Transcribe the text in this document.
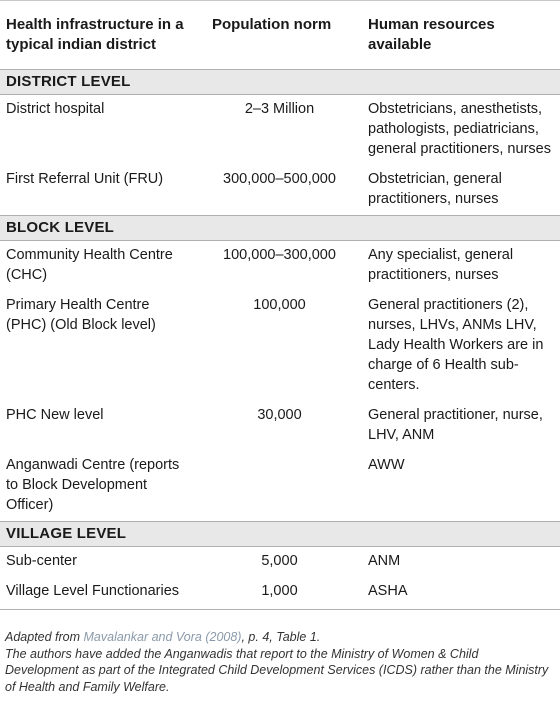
Health infrastructure in a typical indian district	Population norm	Human resources available
DISTRICT LEVEL		
District hospital	2–3 Million	Obstetricians, anesthetists, pathologists, pediatricians, general practitioners, nurses
First Referral Unit (FRU)	300,000–500,000	Obstetrician, general practitioners, nurses
BLOCK LEVEL		
Community Health Centre (CHC)	100,000–300,000	Any specialist, general practitioners, nurses
Primary Health Centre (PHC) (Old Block level)	100,000	General practitioners (2), nurses, LHVs, ANMs LHV, Lady Health Workers are in charge of 6 Health sub-centers.
PHC New level	30,000	General practitioner, nurse, LHV, ANM
Anganwadi Centre (reports to Block Development Officer)		AWW
VILLAGE LEVEL		
Sub-center	5,000	ANM
Village Level Functionaries	1,000	ASHA

Adapted from Mavalankar and Vora (2008), p. 4, Table 1.

The authors have added the Anganwadis that report to the Ministry of Women & Child Development as part of the Integrated Child Development Services (ICDS) rather than the Ministry of Health and Family Welfare.
